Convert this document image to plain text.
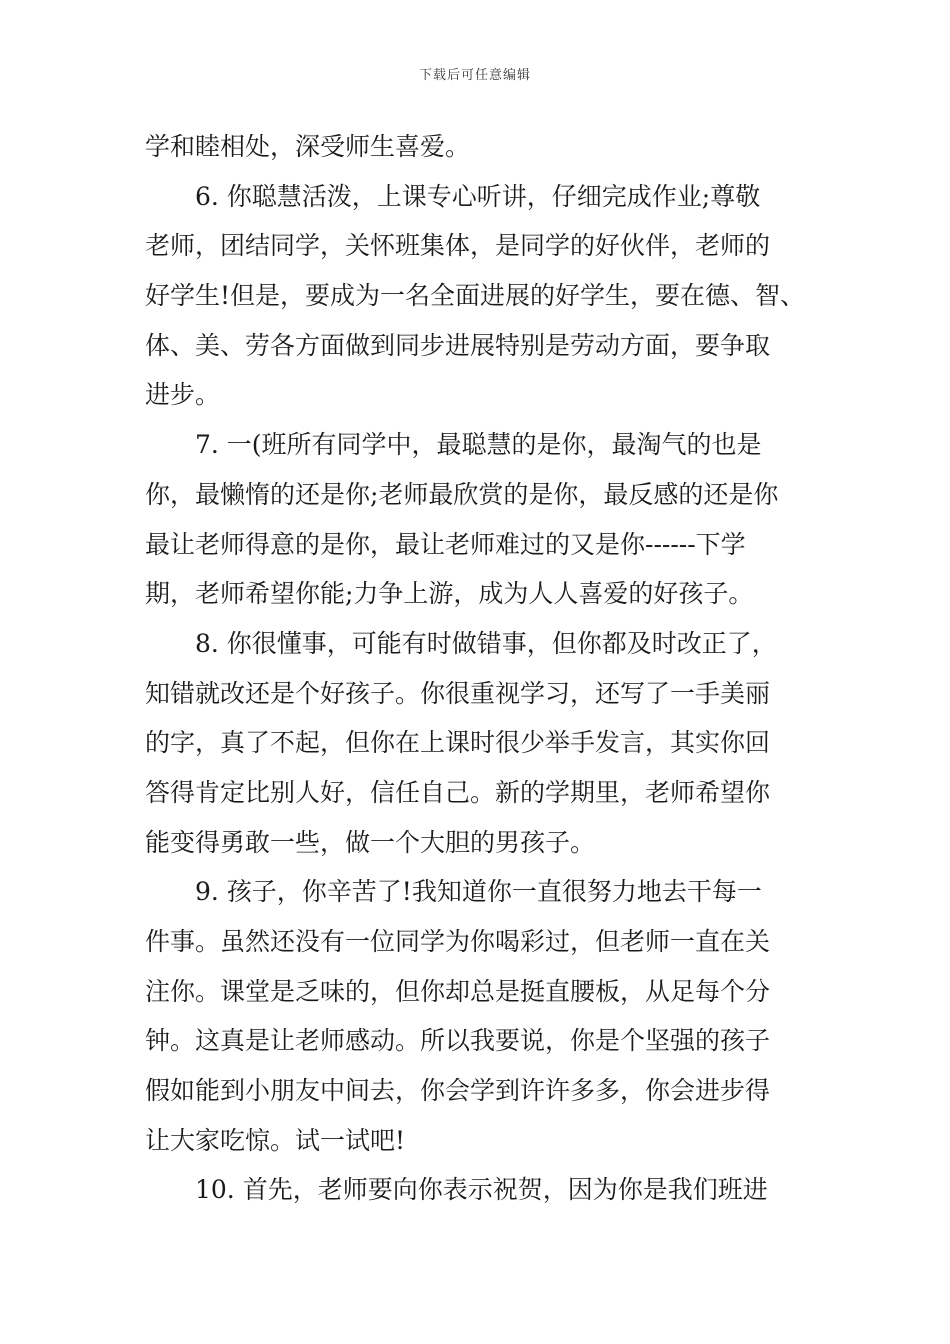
下载后可任意编辑
学和睦相处，深受师生喜爱。
6. 你聪慧活泼，上课专心听讲，仔细完成作业;尊敬
老师，团结同学，关怀班集体，是同学的好伙伴，老师的
好学生!但是，要成为一名全面进展的好学生，要在德、智、
体、美、劳各方面做到同步进展特别是劳动方面，要争取
进步。
7. 一(班所有同学中，最聪慧的是你，最淘气的也是
你，最懒惰的还是你;老师最欣赏的是你，最反感的还是你
最让老师得意的是你，最让老师难过的又是你------下学
期，老师希望你能;力争上游，成为人人喜爱的好孩子。
8. 你很懂事，可能有时做错事，但你都及时改正了，
知错就改还是个好孩子。你很重视学习，还写了一手美丽
的字，真了不起，但你在上课时很少举手发言，其实你回
答得肯定比别人好，信任自己。新的学期里，老师希望你
能变得勇敢一些，做一个大胆的男孩子。
9. 孩子，你辛苦了!我知道你一直很努力地去干每一
件事。虽然还没有一位同学为你喝彩过，但老师一直在关
注你。课堂是乏味的，但你却总是挺直腰板，从足每个分
钟。这真是让老师感动。所以我要说，你是个坚强的孩子
假如能到小朋友中间去，你会学到许许多多，你会进步得
让大家吃惊。试一试吧!
10. 首先，老师要向你表示祝贺，因为你是我们班进
